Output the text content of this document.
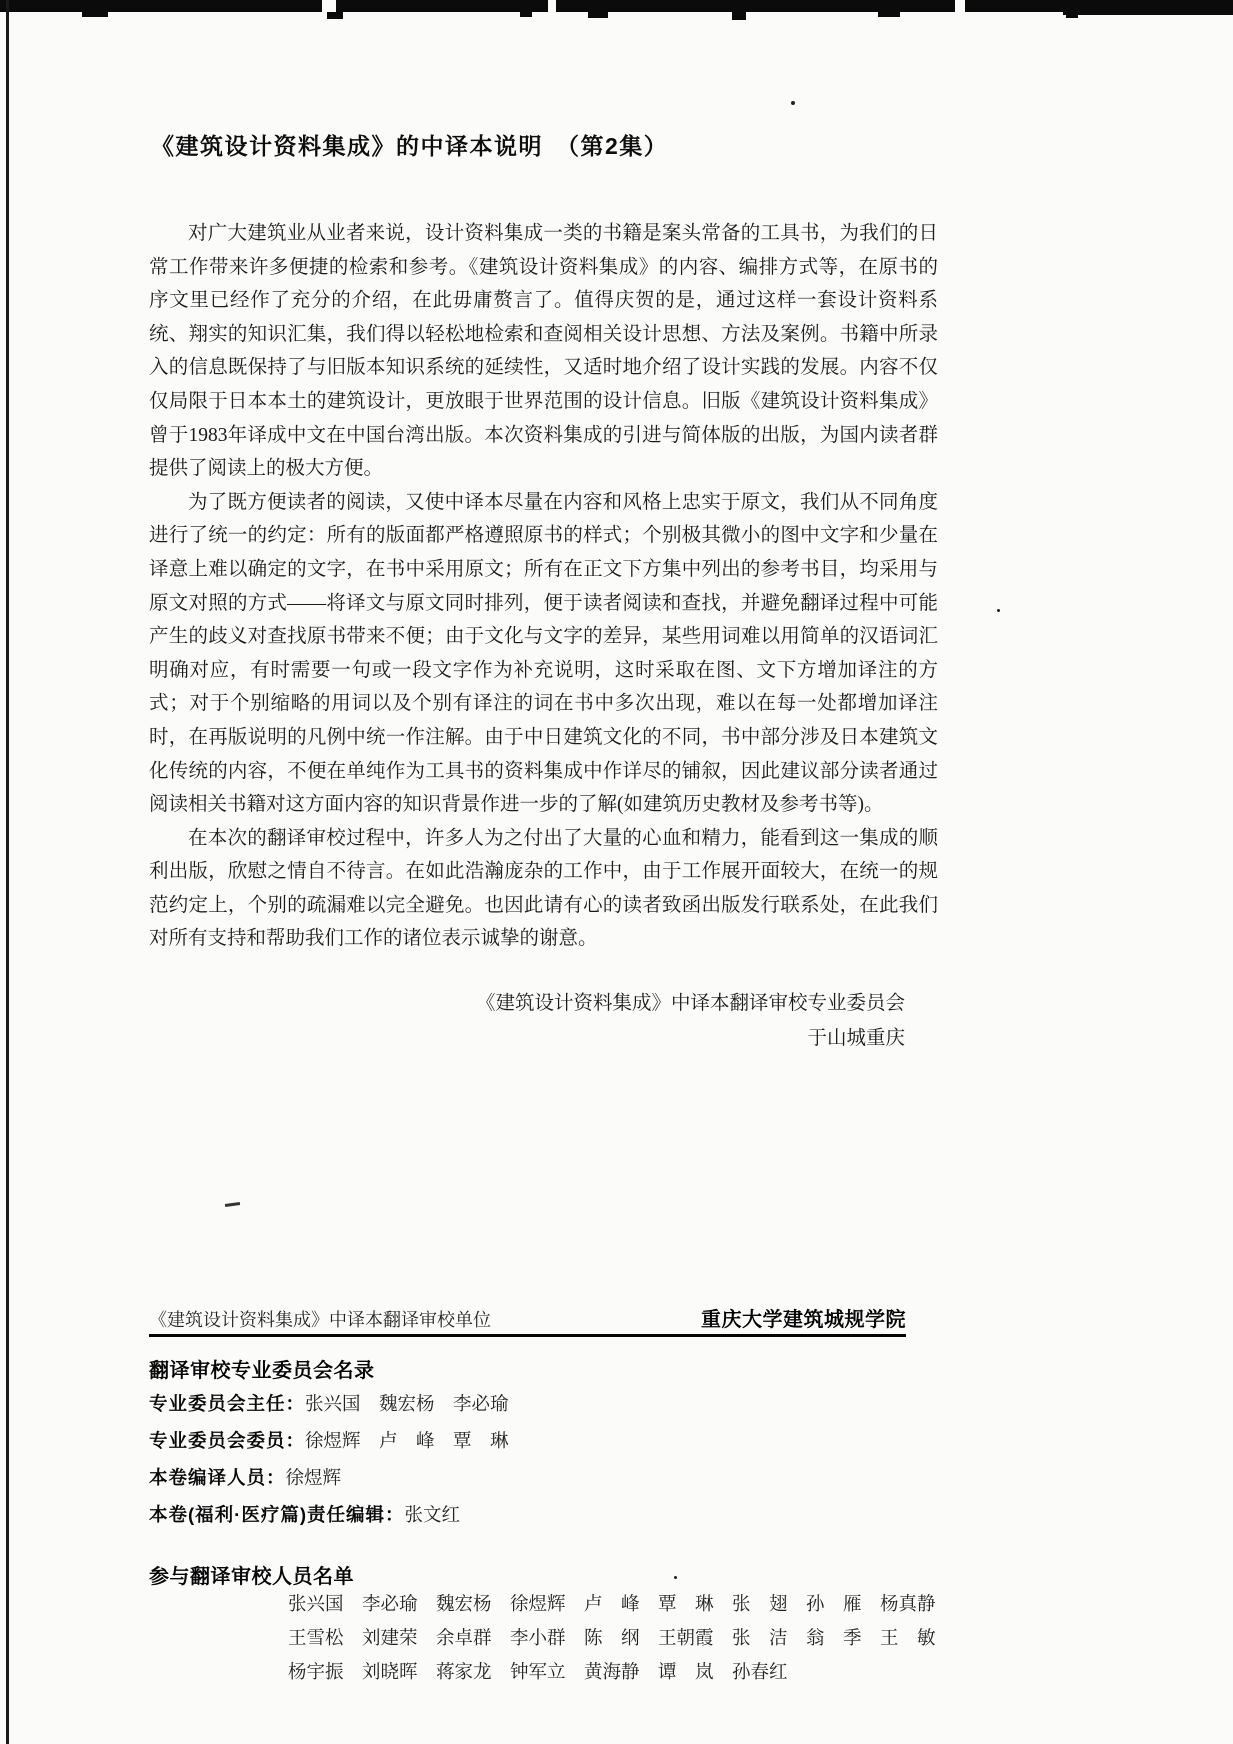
《建筑设计资料集成》的中译本说明　（第2集）

对广大建筑业从业者来说，设计资料集成一类的书籍是案头常备的工具书，为我们的日常工作带来许多便捷的检索和参考。《建筑设计资料集成》的内容、编排方式等，在原书的序文里已经作了充分的介绍，在此毋庸赘言了。值得庆贺的是，通过这样一套设计资料系统、翔实的知识汇集，我们得以轻松地检索和查阅相关设计思想、方法及案例。书籍中所录入的信息既保持了与旧版本知识系统的延续性，又适时地介绍了设计实践的发展。内容不仅仅局限于日本本土的建筑设计，更放眼于世界范围的设计信息。旧版《建筑设计资料集成》曾于1983年译成中文在中国台湾出版。本次资料集成的引进与简体版的出版，为国内读者群提供了阅读上的极大方便。

为了既方便读者的阅读，又使中译本尽量在内容和风格上忠实于原文，我们从不同角度进行了统一的约定：所有的版面都严格遵照原书的样式；个别极其微小的图中文字和少量在译意上难以确定的文字，在书中采用原文；所有在正文下方集中列出的参考书目，均采用与原文对照的方式——将译文与原文同时排列，便于读者阅读和查找，并避免翻译过程中可能产生的歧义对查找原书带来不便；由于文化与文字的差异，某些用词难以用简单的汉语词汇明确对应，有时需要一句或一段文字作为补充说明，这时采取在图、文下方增加译注的方式；对于个别缩略的用词以及个别有译注的词在书中多次出现，难以在每一处都增加译注时，在再版说明的凡例中统一作注解。由于中日建筑文化的不同，书中部分涉及日本建筑文化传统的内容，不便在单纯作为工具书的资料集成中作详尽的铺叙，因此建议部分读者通过阅读相关书籍对这方面内容的知识背景作进一步的了解(如建筑历史教材及参考书等)。

在本次的翻译审校过程中，许多人为之付出了大量的心血和精力，能看到这一集成的顺利出版，欣慰之情自不待言。在如此浩瀚庞杂的工作中，由于工作展开面较大，在统一的规范约定上，个别的疏漏难以完全避免。也因此请有心的读者致函出版发行联系处，在此我们对所有支持和帮助我们工作的诸位表示诚挚的谢意。

《建筑设计资料集成》中译本翻译审校专业委员会
于山城重庆
《建筑设计资料集成》中译本翻译审校单位	重庆大学建筑城规学院
翻译审校专业委员会名录
专业委员会主任：张兴国　魏宏杨　李必瑜
专业委员会委员：徐煜辉　卢　峰　覃　琳
本卷编译人员：徐煜辉
本卷(福利·医疗篇)责任编辑：张文红
参与翻译审校人员名单
张兴国　李必瑜　魏宏杨　徐煜辉　卢　峰　覃　琳　张　翅　孙　雁　杨真静
王雪松　刘建荣　余卓群　李小群　陈　纲　王朝霞　张　洁　翁　季　王　敏
杨宇振　刘晓晖　蒋家龙　钟军立　黄海静　谭　岚　孙春红
